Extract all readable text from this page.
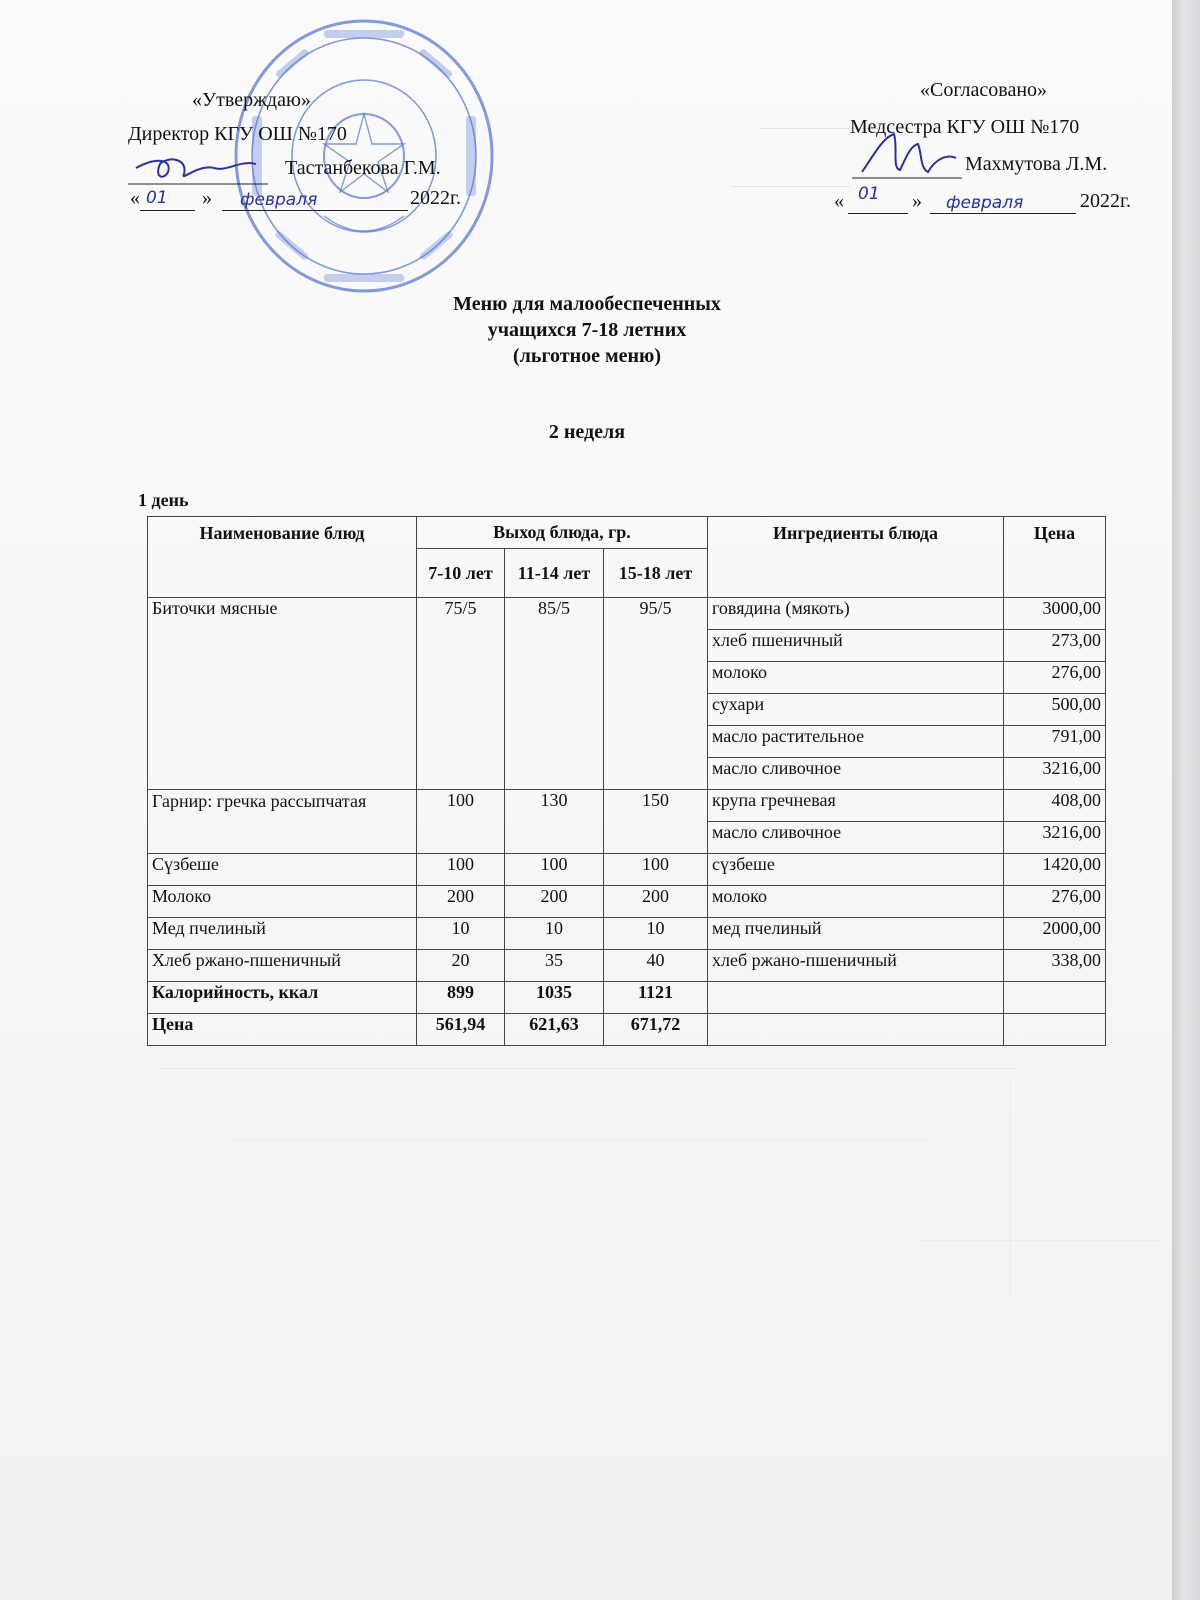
«Утверждаю»
Директор КГУ ОШ №170
Тастанбекова Г.М.
« 01 » февраля	2022г.
«Согласовано»
Медсестра КГУ ОШ №170
Махмутова Л.М.
« 01 » февраля	2022г.
Меню для малообеспеченных
учащихся 7-18 летних
(льготное меню)
2 неделя
1 день
Наименование блюд	Выход блюда, гр.			Ингредиенты блюда	Цена
	7-10 лет	11-14 лет	15-18 лет		
Биточки мясные	75/5	85/5	95/5	говядина (мякоть)	3000,00
				хлеб пшеничный	273,00
				молоко	276,00
				сухари	500,00
				масло растительное	791,00
				масло сливочное	3216,00
Гарнир: гречка рассыпчатая	100	130	150	крупа гречневая	408,00
				масло сливочное	3216,00
Сүзбеше	100	100	100	сүзбеше	1420,00
Молоко	200	200	200	молоко	276,00
Мед пчелиный	10	10	10	мед пчелиный	2000,00
Хлеб ржано-пшеничный	20	35	40	хлеб ржано-пшеничный	338,00
Калорийность, ккал	899	1035	1121		
Цена	561,94	621,63	671,72		
